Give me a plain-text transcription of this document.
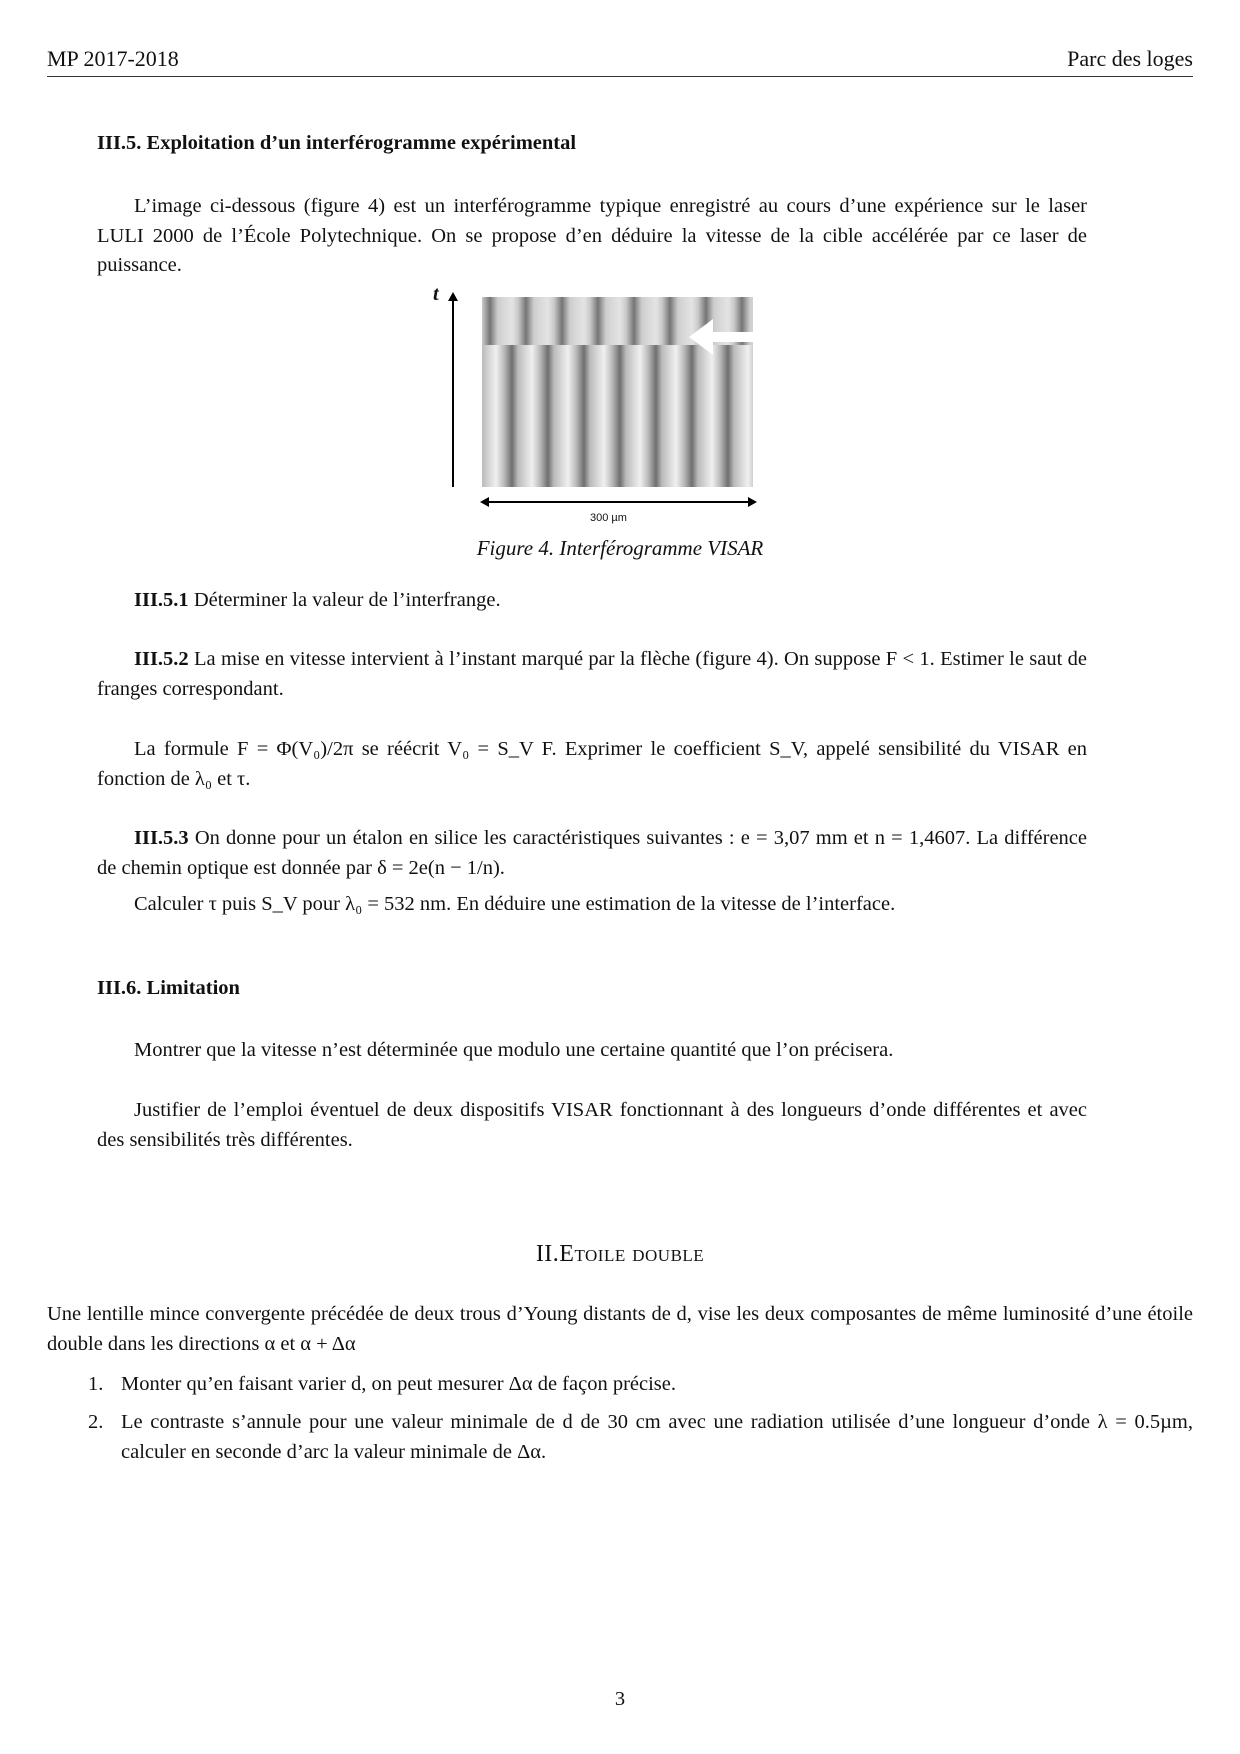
MP 2017-2018	Parc des loges
III.5. Exploitation d’un interférogramme expérimental
L’image ci-dessous (figure 4) est un interférogramme typique enregistré au cours d’une expérience sur le laser LULI 2000 de l’École Polytechnique. On se propose d’en déduire la vitesse de la cible accélérée par ce laser de puissance.
t
300 µm
Figure 4. Interférogramme VISAR
III.5.1 Déterminer la valeur de l’interfrange.
III.5.2 La mise en vitesse intervient à l’instant marqué par la flèche (figure 4). On suppose F < 1. Estimer le saut de franges correspondant.
La formule F = Φ(V₀)/2π se réécrit V₀ = S_V F. Exprimer le coefficient S_V, appelé sensibilité du VISAR en fonction de λ₀ et τ.
III.5.3 On donne pour un étalon en silice les caractéristiques suivantes : e = 3,07 mm et n = 1,4607. La différence de chemin optique est donnée par δ = 2e(n − 1/n).
Calculer τ puis S_V pour λ₀ = 532 nm. En déduire une estimation de la vitesse de l’interface.
III.6. Limitation
Montrer que la vitesse n’est déterminée que modulo une certaine quantité que l’on précisera.
Justifier de l’emploi éventuel de deux dispositifs VISAR fonctionnant à des longueurs d’onde différentes et avec des sensibilités très différentes.
II.Etoile double
Une lentille mince convergente précédée de deux trous d’Young distants de d, vise les deux composantes de même luminosité d’une étoile double dans les directions α et α + Δα
1. Monter qu’en faisant varier d, on peut mesurer Δα de façon précise.
2. Le contraste s’annule pour une valeur minimale de d de 30 cm avec une radiation utilisée d’une longueur d’onde λ = 0.5µm, calculer en seconde d’arc la valeur minimale de Δα.
3
